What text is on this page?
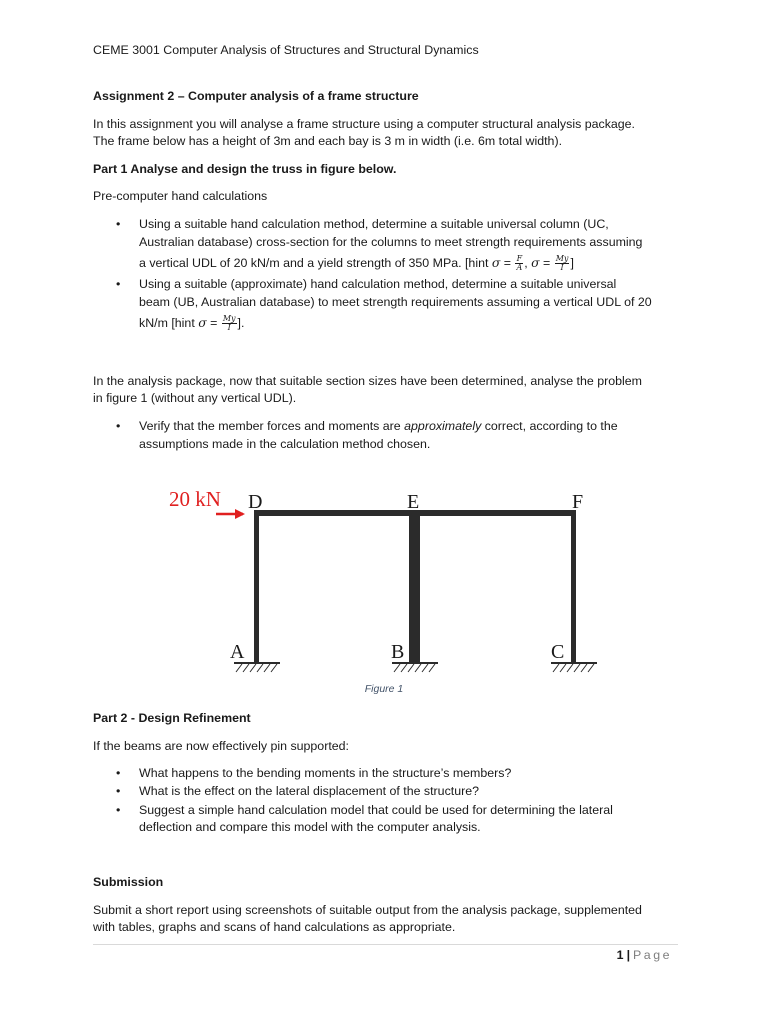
CEME 3001 Computer Analysis of Structures and Structural Dynamics

Assignment 2 – Computer analysis of a frame structure

In this assignment you will analyse a frame structure using a computer structural analysis package.

The frame below has a height of 3m and each bay is 3 m in width (i.e. 6m total width).

Part 1 Analyse and design the truss in figure below.

Pre-computer hand calculations

•	Using a suitable hand calculation method, determine a suitable universal column (UC,

Australian database) cross-section for the columns to meet strength requirements assuming

a vertical UDL of 20 kN/m and a yield strength of 350 MPa. [hint $\sigma = \frac{F}{A}$ , $\sigma = \frac{My}{I}$ ]

•	Using a suitable (approximate) hand calculation method, determine a suitable universal

beam (UB, Australian database) to meet strength requirements assuming a vertical UDL of 20

kN/m [hint $\sigma = \frac{My}{I}$ ].

In the analysis package, now that suitable section sizes have been determined, analyse the problem

in figure 1 (without any vertical UDL).

•	Verify that the member forces and moments are approximately correct, according to the

assumptions made in the calculation method chosen.

20 kN D	E	F
A	B	C
Figure 1

Part 2 - Design Refinement

If the beams are now effectively pin supported:

•	What happens to the bending moments in the structure’s members?

•	What is the effect on the lateral displacement of the structure?

•	Suggest a simple hand calculation model that could be used for determining the lateral

deflection and compare this model with the computer analysis.

Submission

Submit a short report using screenshots of suitable output from the analysis package, supplemented

with tables, graphs and scans of hand calculations as appropriate.

1 | Page
